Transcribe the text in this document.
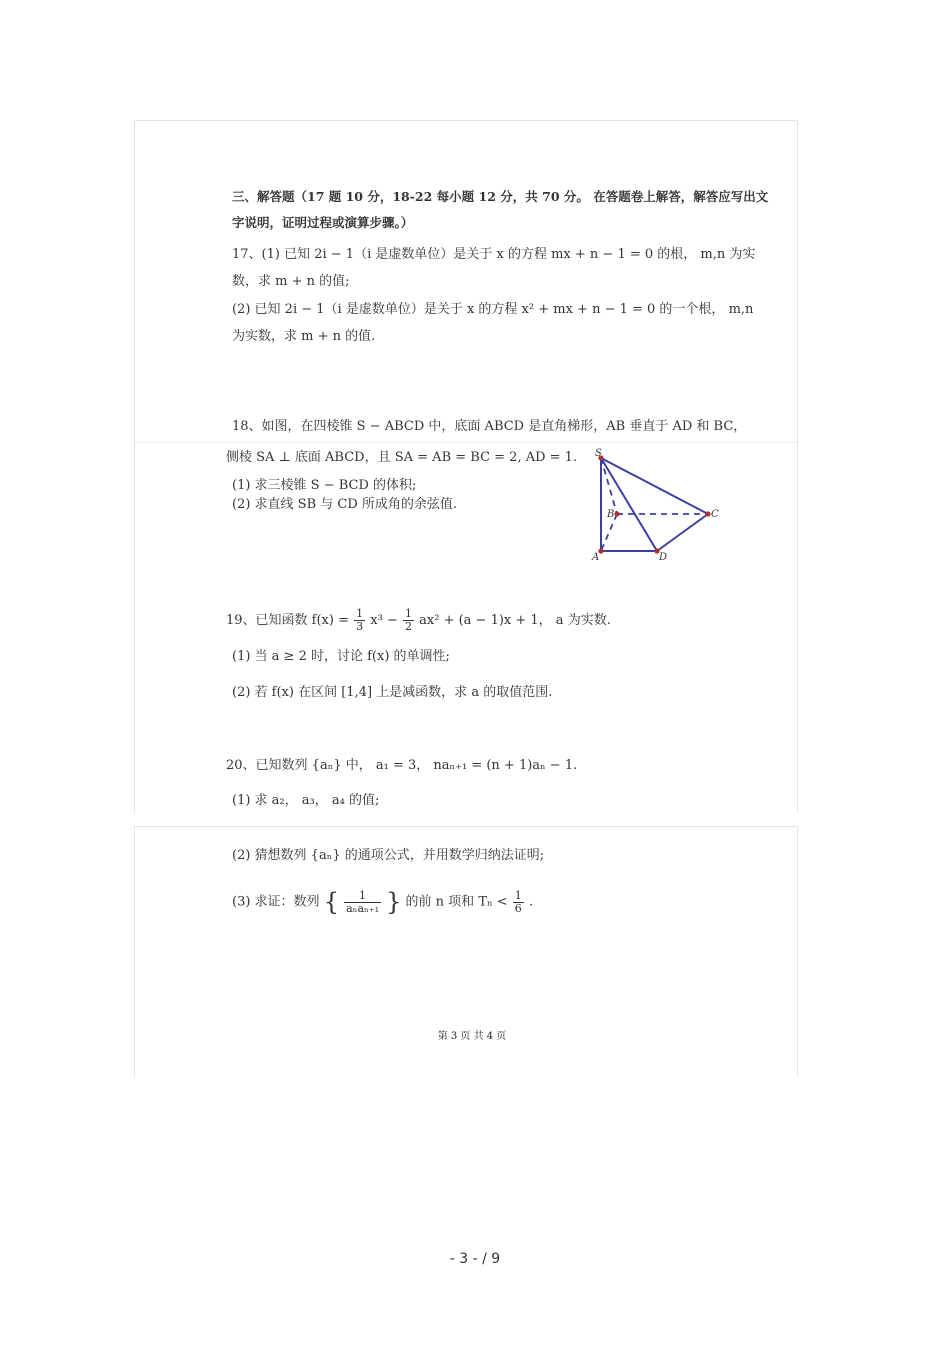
三、解答题（17 题 10 分，18-22 每小题 12 分，共 70 分。 在答题卷上解答，解答应写出文
字说明，证明过程或演算步骤。）
17、(1) 已知 2i − 1（i 是虚数单位）是关于 x 的方程 mx + n − 1 = 0 的根， m,n 为实
数，求 m + n 的值;
(2) 已知 2i − 1（i 是虚数单位）是关于 x 的方程 x² + mx + n − 1 = 0 的一个根， m,n
为实数，求 m + n 的值.
18、如图，在四棱锥 S − ABCD 中，底面 ABCD 是直角梯形，AB 垂直于 AD 和 BC，
侧棱 SA ⊥ 底面 ABCD，且 SA = AB = BC = 2, AD = 1.
(1) 求三棱锥 S − BCD 的体积;
(2) 求直线 SB 与 CD 所成角的余弦值.
S
B	C
A	D
19、已知函数 $f(x) = \frac{1}{3} x^3 - \frac{1}{2} ax^2 + (a - 1)x + 1$， a 为实数.
(1) 当 a ≥ 2 时，讨论 f(x) 的单调性;
(2) 若 f(x) 在区间 [1,4] 上是减函数，求 a 的取值范围.
20、已知数列 {aₙ} 中， a₁ = 3， naₙ₊₁ = (n + 1)aₙ − 1.
(1) 求 a₂， a₃， a₄ 的值;
(2) 猜想数列 {aₙ} 的通项公式，并用数学归纳法证明;
(3) 求证：数列 { $\frac{1}{\text{aₙaₙ₊₁}}$ } 的前 n 项和 $T_n < \frac{1}{6}$ .
第 3 页 共 4 页
- 3 - / 9
